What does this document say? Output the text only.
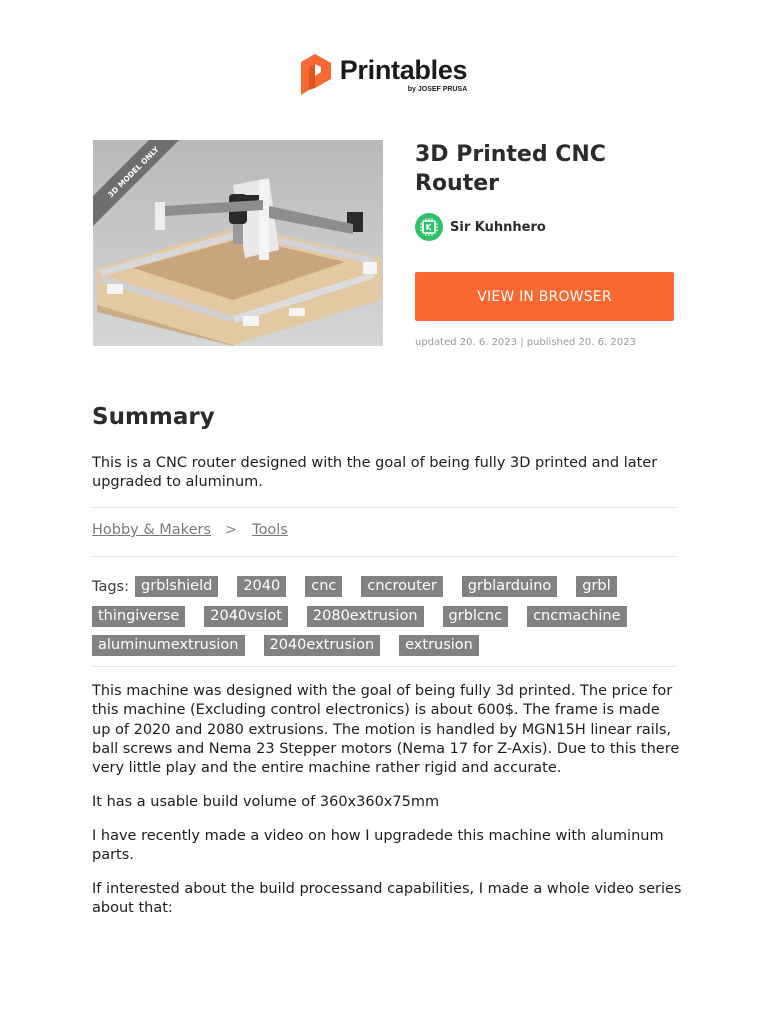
Printables
by JOSEF PRUSA
3D MODEL ONLY	3D Printed CNC Router
Sir Kuhnhero
VIEW IN BROWSER
updated 20. 6. 2023 | published 20. 6. 2023
Summary
This is a CNC router designed with the goal of being fully 3D printed and later upgraded to aluminum.
Hobby & Makers > Tools
Tags: grblshield	2040	cnc	cncrouter	grblarduino	grbl
thingiverse	2040vslot	2080extrusion	grblcnc	cncmachine
aluminumextrusion	2040extrusion	extrusion

This machine was designed with the goal of being fully 3d printed. The price for this machine (Excluding control electronics) is about 600$. The frame is made up of 2020 and 2080 extrusions. The motion is handled by MGN15H linear rails, ball screws and Nema 23 Stepper motors (Nema 17 for Z-Axis). Due to this there very little play and the entire machine rather rigid and accurate.

It has a usable build volume of 360x360x75mm

I have recently made a video on how I upgradede this machine with aluminum parts.

If interested about the build processand capabilities, I made a whole video series about that:
